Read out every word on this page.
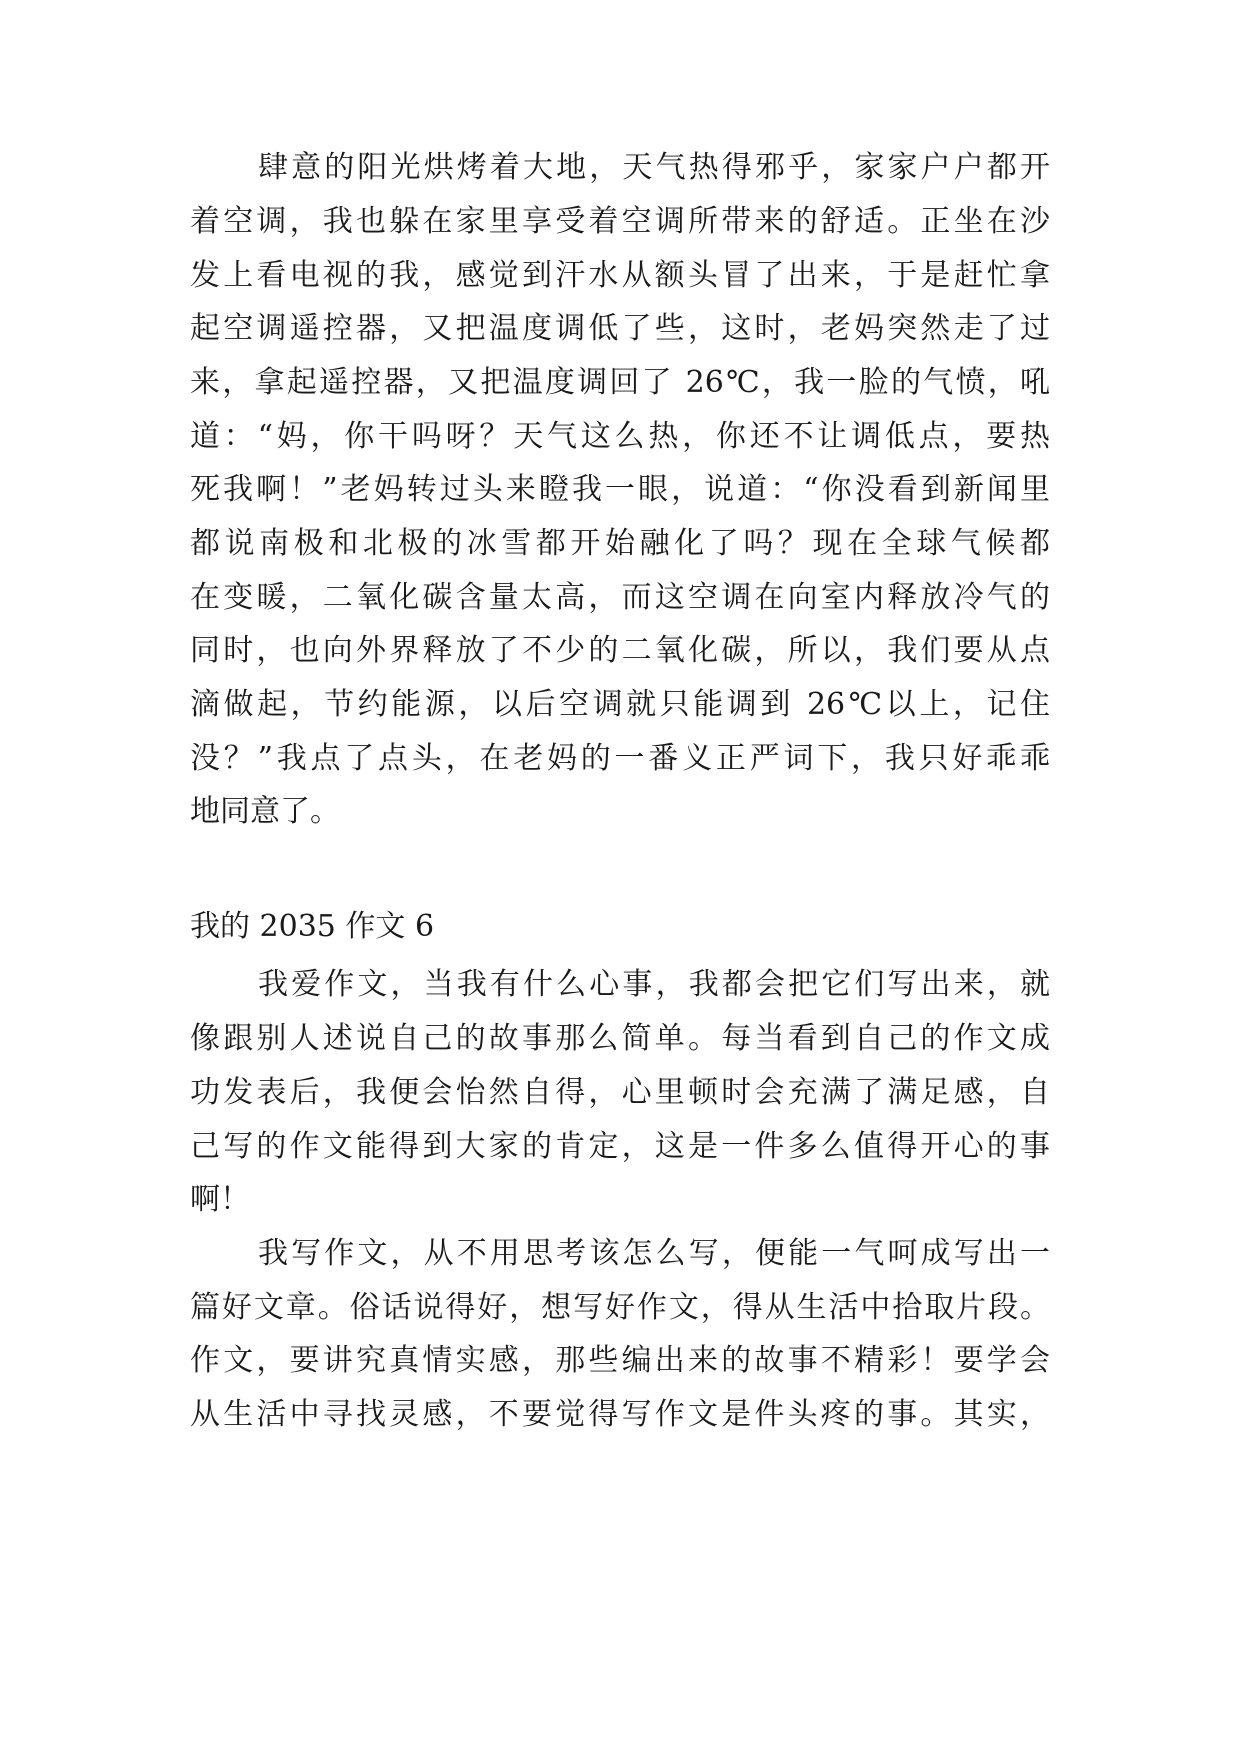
肆意的阳光烘烤着大地，天气热得邪乎，家家户户都开
着空调，我也躲在家里享受着空调所带来的舒适。正坐在沙
发上看电视的我，感觉到汗水从额头冒了出来，于是赶忙拿
起空调遥控器，又把温度调低了些，这时，老妈突然走了过
来，拿起遥控器，又把温度调回了 26℃，我一脸的气愤，吼
道：“妈，你干吗呀？天气这么热，你还不让调低点，要热
死我啊！”老妈转过头来瞪我一眼，说道：“你没看到新闻里
都说南极和北极的冰雪都开始融化了吗？现在全球气候都
在变暖，二氧化碳含量太高，而这空调在向室内释放冷气的
同时，也向外界释放了不少的二氧化碳，所以，我们要从点
滴做起，节约能源，以后空调就只能调到 26℃以上，记住
没？”我点了点头，在老妈的一番义正严词下，我只好乖乖
地同意了。
我的 2035 作文 6
我爱作文，当我有什么心事，我都会把它们写出来，就
像跟别人述说自己的故事那么简单。每当看到自己的作文成
功发表后，我便会怡然自得，心里顿时会充满了满足感，自
己写的作文能得到大家的肯定，这是一件多么值得开心的事
啊！
我写作文，从不用思考该怎么写，便能一气呵成写出一
篇好文章。俗话说得好，想写好作文，得从生活中拾取片段。
作文，要讲究真情实感，那些编出来的故事不精彩！要学会
从生活中寻找灵感，不要觉得写作文是件头疼的事。其实，
